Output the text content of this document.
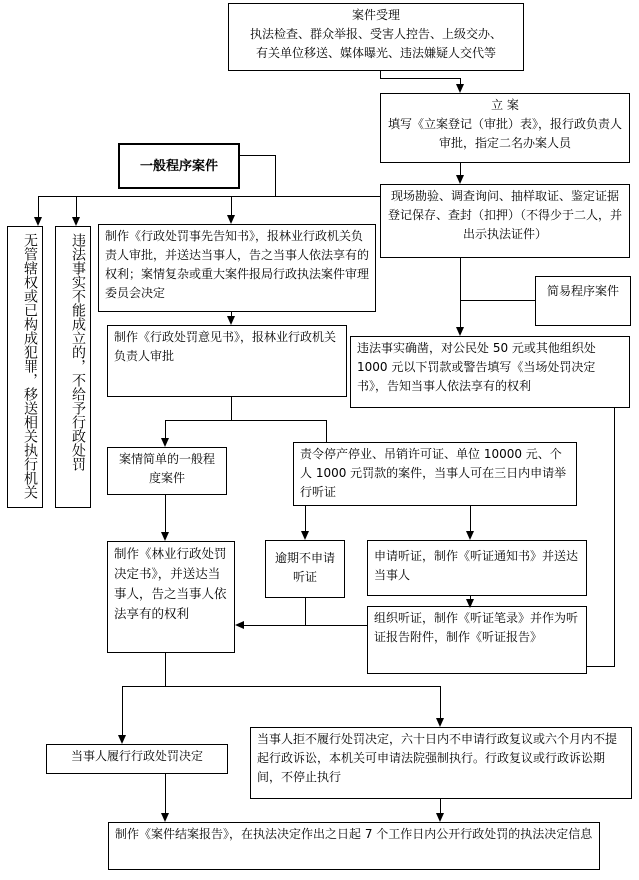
案件受理
执法检查、群众举报、受害人控告、上级交办、
有关单位移送、媒体曝光、违法嫌疑人交代等
立 案
填写《立案登记（审批）表》，报行政负责人审批，指定二名办案人员
一般程序案件
现场勘验、调查询问、抽样取证、鉴定证据登记保存、查封（扣押）（不得少于二人，并出示执法证件）
无管辖权或已构成犯罪，移送相关执行机关	违法事实不能成立的，不给予行政处罚	制作《行政处罚事先告知书》，报林业行政机关负责人审批，并送达当事人，告之当事人依法享有的权利；案情复杂或重大案件报局行政执法案件审理委员会决定	简易程序案件
违法事实确凿，对公民处 50 元或其他组织处 1000 元以下罚款或警告填写《当场处罚决定书》，告知当事人依法享有的权利
制作《行政处罚意见书》，报林业行政机关负责人审批
案情简单的一般程度案件
责令停产停业、吊销许可证、单位 10000 元、个人 1000 元罚款的案件，当事人可在三日内申请举行听证
逾期不申请听证
申请听证，制作《听证通知书》并送达当事人
制作《林业行政处罚决定书》，并送达当事人，告之当事人依法享有的权利	组织听证，制作《听证笔录》并作为听证报告附件，制作《听证报告》
当事人履行行政处罚决定
当事人拒不履行处罚决定，六十日内不申请行政复议或六个月内不提起行政诉讼，本机关可申请法院强制执行。行政复议或行政诉讼期间，不停止执行
制作《案件结案报告》，在执法决定作出之日起 7 个工作日内公开行政处罚的执法决定信息
